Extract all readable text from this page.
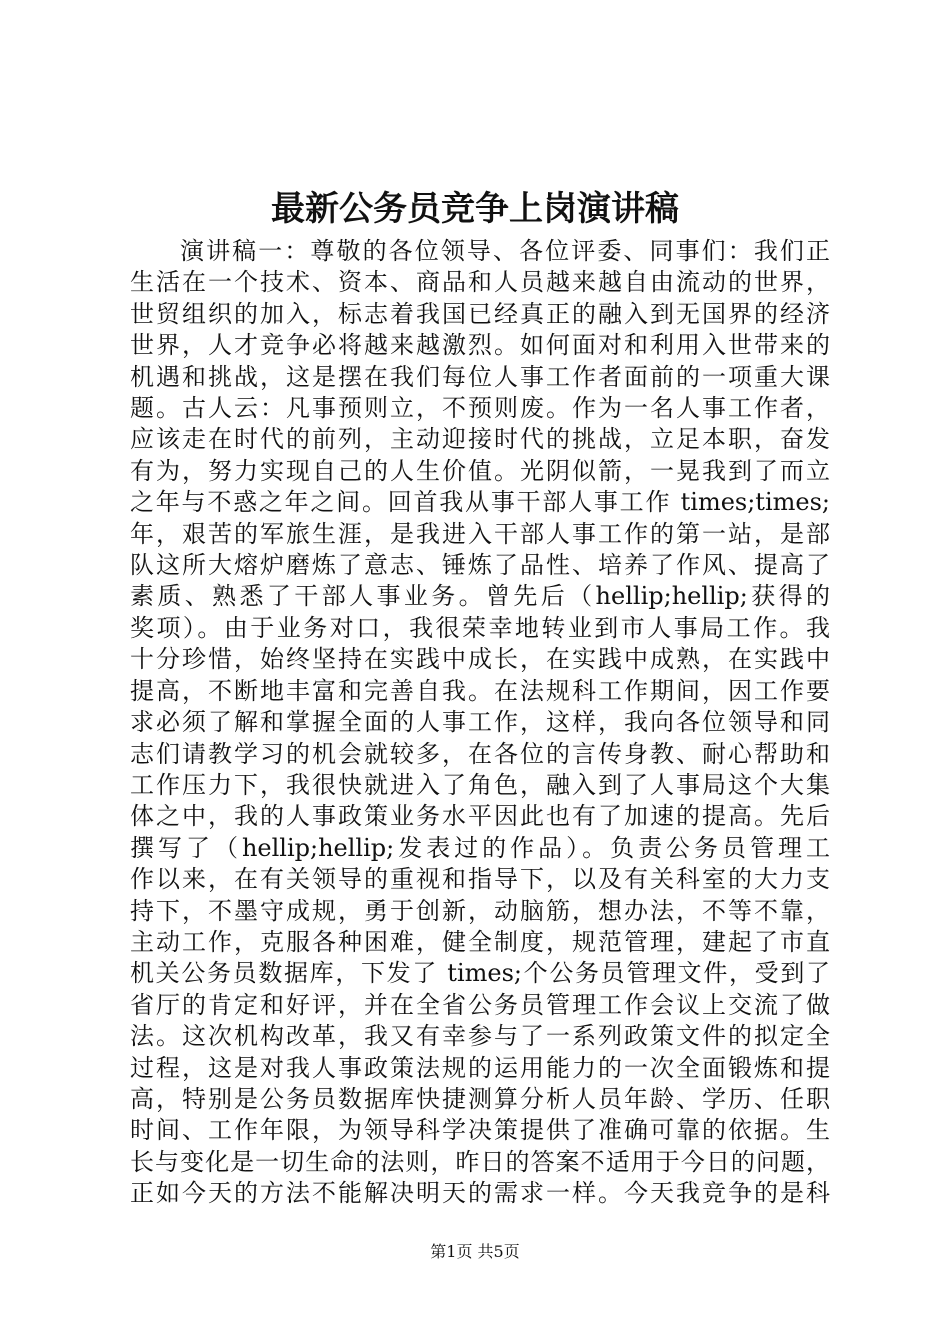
最新公务员竞争上岗演讲稿
演讲稿一：尊敬的各位领导、各位评委、同事们：我们正
生活在一个技术、资本、商品和人员越来越自由流动的世界，
世贸组织的加入，标志着我国已经真正的融入到无国界的经济
世界，人才竞争必将越来越激烈。如何面对和利用入世带来的
机遇和挑战，这是摆在我们每位人事工作者面前的一项重大课
题。古人云：凡事预则立，不预则废。作为一名人事工作者，
应该走在时代的前列，主动迎接时代的挑战，立足本职，奋发
有为，努力实现自己的人生价值。光阴似箭，一晃我到了而立
之年与不惑之年之间。回首我从事干部人事工作 times;times;
年，艰苦的军旅生涯，是我进入干部人事工作的第一站，是部
队这所大熔炉磨炼了意志、锤炼了品性、培养了作风、提高了
素质、熟悉了干部人事业务。曾先后（hellip;hellip;获得的
奖项）。由于业务对口，我很荣幸地转业到市人事局工作。我
十分珍惜，始终坚持在实践中成长，在实践中成熟，在实践中
提高，不断地丰富和完善自我。在法规科工作期间，因工作要
求必须了解和掌握全面的人事工作，这样，我向各位领导和同
志们请教学习的机会就较多，在各位的言传身教、耐心帮助和
工作压力下，我很快就进入了角色，融入到了人事局这个大集
体之中，我的人事政策业务水平因此也有了加速的提高。先后
撰写了（hellip;hellip;发表过的作品）。负责公务员管理工
作以来，在有关领导的重视和指导下，以及有关科室的大力支
持下，不墨守成规，勇于创新，动脑筋，想办法，不等不靠，
主动工作，克服各种困难，健全制度，规范管理，建起了市直
机关公务员数据库，下发了 times;个公务员管理文件，受到了
省厅的肯定和好评，并在全省公务员管理工作会议上交流了做
法。这次机构改革，我又有幸参与了一系列政策文件的拟定全
过程，这是对我人事政策法规的运用能力的一次全面锻炼和提
高，特别是公务员数据库快捷测算分析人员年龄、学历、任职
时间、工作年限，为领导科学决策提供了准确可靠的依据。生
长与变化是一切生命的法则，昨日的答案不适用于今日的问题，
正如今天的方法不能解决明天的需求一样。今天我竞争的是科
第1页 共5页
